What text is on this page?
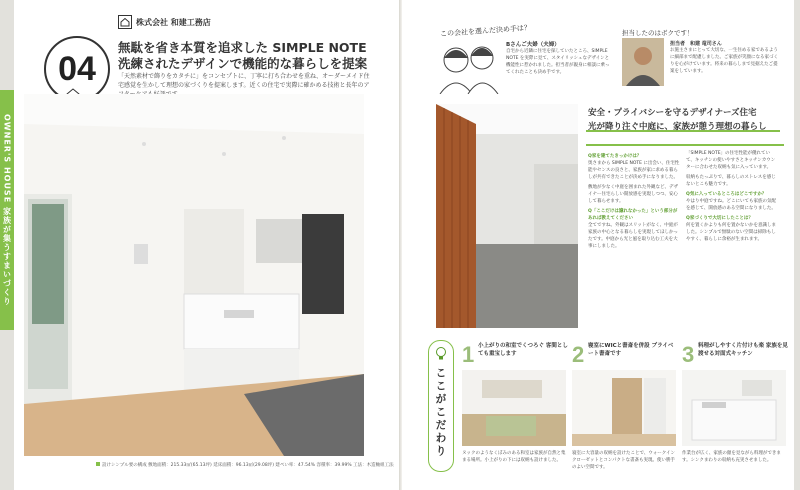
OWNER'S HOUSE 家族が集うすまいづくり
株式会社 和建工務店
04
無駄を省き本質を追求した SIMPLE NOTE
洗練されたデザインで機能的な暮らしを提案
「天然素材で飾りをカタチに」をコンセプトに、丁寧に打ち合わせを重ね、オーダーメイド住宅感覚を生かして理想の家づくりを提案します。近くの住宅で実際に確かめる技術と長年のア
設けシンプル要の構成 敷地面積：215.33㎡(65.13坪) 延床面積：96.13㎡(29.08坪) 建ペい率：47.54% 容積率：39.99% 工法：木造軸組工法
この会社を選んだ決め手は？
Bさんご夫婦（夫婦）
自宅から近隣に住宅を探していたところ、SIMPLE NOTE を実際に見て、スタイリッシュなデザインと機能性に惹かれました。担当者が親身に相談に乗ってくれたことも決め手です。
担当したのはボクです！
担当者　和建 竜司さん
お施主さまにとって大切な、一生住める家であるように細部まで配慮しました。ご家族が笑顔になる家づくりを心がけています。将来の暮らしまで見据えたご提案をしています。
安全・プライバシーを守るデザイナーズ住宅
光が降り注ぐ中庭に、家族が憩う理想の暮らし
Q家を建てたきっかけは？

奥さまから SIMPLE NOTE に出会い、住宅性能やセンスの良さと、家族が家に求める暮らしが共有できたことが決め手になりました。

敷地が少なく中庭を囲まれた外観など、デザイナー住宅らしい開放感を実現しつつ、安心して暮らせます。

Q「ここだけは譲れなかった」という部分があれば教えてください

全てですね。外観はスリットがなく、中庭が家族の中心となる暮らしを実現してほしかったです。中庭から光と風を取り込む工夫を大事にしました。

「SIMPLE NOTE」の住宅性能が優れていて、キッチンの使いやすさとキッチンカウンターに合わせた収納も気に入っています。

収納もたっぷりで、暮らしのストレスを感じないとこも魅力です。

Q気に入っているところはどこですか？

やはり中庭ですね。どこにいても家族の気配を感じて、開放感のある空間になりました。

Q家づくりで大切にしたことは？

何を置くかよりも何を置かないかを意識しました。シンプルで無駄のない空間は掃除もしやすく、暮らしに余裕が生まれます。

ここがこだわり
1 小上がりの和室でくつろぐ 客間としても重宝します
ヌックのようなくぼみのある和室は家族が自然と集まる場所。小上がりの下には収納も設けました。
2 寝室にWICと書斎を併設 プライベート書斎です
寝室に大容量の収納を設けたことで、ウォークインクローゼットとコンパクトな書斎も実現。使い勝手のよい空間です。
3 料理がしやすく片付けも楽 家族を見渡せる対面式キッチン
作業台が広く、家族の顔を見ながら料理ができます。シンクまわりの収納も充実させました。
